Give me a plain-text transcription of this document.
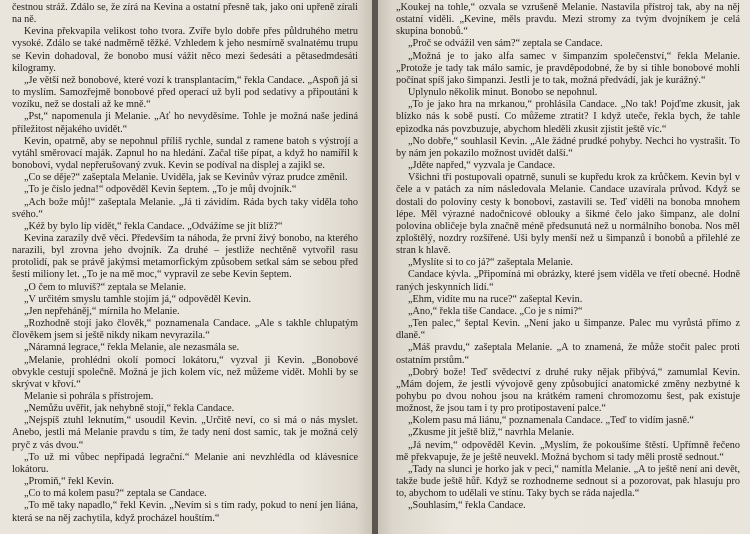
čestnou stráž. Zdálo se, že zírá na Kevina a ostatní přesně tak, jako oni upřeně zírali na ně.

Kevina překvapila velikost toho tvora. Zvíře bylo dobře přes půldruhého metru vysoké. Zdálo se také nadměrně těžké. Vzhledem k jeho nesmírně svalnatému trupu se Kevin dohadoval, že bonobo musí vážit něco mezi šedesáti a pětasedmdesáti kilogramy.

„Je větší než bonobové, které vozí k transplantacím,“ řekla Candace. „Aspoň já si to myslím. Samozřejmě bonobové před operací už byli pod sedativy a připoutáni k vozíku, než se dostali až ke mně.“

„Pst,“ napomenula ji Melanie. „Ať ho nevyděsíme. Tohle je možná naše jediná příležitost nějakého uvidět.“

Kevin, opatrně, aby se nepohnul příliš rychle, sundal z ramene batoh s výstrojí a vytáhl směrovací maják. Zapnul ho na hledání. Začal tiše pípat, a když ho namířil k bonobovi, vydal nepřerušovaný zvuk. Kevin se podíval na displej a zajikl se.

„Co se děje?“ zašeptala Melanie. Uviděla, jak se Kevinův výraz prudce změnil.

„To je číslo jedna!“ odpověděl Kevin šeptem. „To je můj dvojník.“

„Ach bože můj!“ zašeptala Melanie. „Já ti závidím. Ráda bych taky viděla toho svého.“

„Kéž by bylo líp vidět,“ řekla Candace. „Odvážíme se jít blíž?“

Kevina zarazily dvě věci. Především ta náhoda, že první živý bonobo, na kterého narazili, byl zrovna jeho dvojník. Za druhé – jestliže nechtěně vytvořil rasu protolidí, pak se právě jakýmsi metamorfickým způsobem setkal sám se sebou před šesti miliony let. „To je na mě moc,“ vypravil ze sebe Kevin šeptem.

„O čem to mluvíš?“ zeptala se Melanie.

„V určitém smyslu tamhle stojím já,“ odpověděl Kevin.

„Jen nepřeháněj,“ mírnila ho Melanie.

„Rozhodně stojí jako člověk,“ poznamenala Candace. „Ale s takhle chlupatým člověkem jsem si ještě nikdy nikam nevyrazila.“

„Náramná legrace,“ řekla Melanie, ale nezasmála se.

„Melanie, prohlédni okolí pomocí lokátoru,“ vyzval ji Kevin. „Bonobové obvykle cestují společně. Možná je jich kolem víc, než můžeme vidět. Mohli by se skrývat v křoví.“

Melanie si pohrála s přístrojem.

„Nemůžu uvěřit, jak nehybně stojí,“ řekla Candace.

„Nejspíš ztuhl leknutím,“ usoudil Kevin. „Určitě neví, co si má o nás myslet. Anebo, jestli má Melanie pravdu s tím, že tady není dost samic, tak je možná celý pryč z vás dvou.“

„To už mi vůbec nepřipadá legrační.“ Melanie ani nevzhlédla od klávesnice lokátoru.

„Promiň,“ řekl Kevin.

„Co to má kolem pasu?“ zeptala se Candace.

„To mě taky napadlo,“ řekl Kevin. „Nevím si s tím rady, pokud to není jen liána, která se na něj zachytila, když procházel houštím.“

„Koukej na tohle,“ ozvala se vzrušeně Melanie. Nastavila přístroj tak, aby na něj ostatní viděli. „Kevine, měls pravdu. Mezi stromy za tvým dvojníkem je celá skupina bonobů.“

„Proč se odvážil ven sám?“ zeptala se Candace.

„Možná je to jako alfa samec v šimpanzím společenství,“ řekla Melanie. „Protože je tady tak málo samic, je pravděpodobné, že by si tihle bonobové mohli počínat spíš jako šimpanzi. Jestli je to tak, možná předvádí, jak je kurážný.“

Uplynulo několik minut. Bonobo se nepohnul.

„To je jako hra na mrkanou,“ prohlásila Candace. „No tak! Pojďme zkusit, jak blízko nás k sobě pustí. Co můžeme ztratit? I když uteče, řekla bych, že tahle epizodka nás povzbuzuje, abychom hleděli zkusit zjistit ještě víc.“

„No dobře,“ souhlasil Kevin. „Ale žádné prudké pohyby. Nechci ho vystrašit. To by nám jen pokazilo možnost uvidět další.“

„Jděte napřed,“ vyzvala je Candace.

Všichni tři postupovali opatrně, sunuli se kupředu krok za krůčkem. Kevin byl v čele a v patách za ním následovala Melanie. Candace uzavírala průvod. Když se dostali do poloviny cesty k bonobovi, zastavili se. Teď viděli na bonoba mnohem lépe. Měl výrazné nadočnicové oblouky a šikmé čelo jako šimpanz, ale dolní polovina obličeje byla značně méně předsunutá než u normálního bonoba. Nos měl zploštělý, nozdry rozšířené. Uši byly menší než u šimpanzů i bonobů a přilehlé ze stran k hlavě.

„Myslíte si to co já?“ zašeptala Melanie.

Candace kývla. „Připomíná mi obrázky, které jsem viděla ve třetí obecné. Hodně raných jeskynních lidí.“

„Ehm, vidíte mu na ruce?“ zašeptal Kevin.

„Ano,“ řekla tiše Candace. „Co je s ními?“

„Ten palec,“ šeptal Kevin. „Není jako u šimpanze. Palec mu vyrůstá přímo z dlaně.“

„Máš pravdu,“ zašeptala Melanie. „A to znamená, že může stočit palec proti ostatním prstům.“

„Dobrý bože! Teď svědectví z druhé ruky nějak přibývá,“ zamumlal Kevin. „Mám dojem, že jestli vývojově geny způsobující anatomické změny nezbytné k pohybu po dvou nohou jsou na krátkém rameni chromozomu šest, pak existuje možnost, že jsou tam i ty pro protipostavení palce.“

„Kolem pasu má liánu,“ poznamenala Candace. „Teď to vidím jasně.“

„Zkusme jít ještě blíž,“ navrhla Melanie.

„Já nevím,“ odpověděl Kevin. „Myslím, že pokoušíme štěstí. Upřímně řečeno mě překvapuje, že je ještě neuvekl. Možná bychom si tady měli prostě sednout.“

„Tady na slunci je horko jak v peci,“ namítla Melanie. „A to ještě není ani devět, takže bude ještě hůř. Když se rozhodneme sednout si a pozorovat, pak hlasuju pro to, abychom to udělali ve stínu. Taky bych se ráda najedla.“

„Souhlasím,“ řekla Candace.
